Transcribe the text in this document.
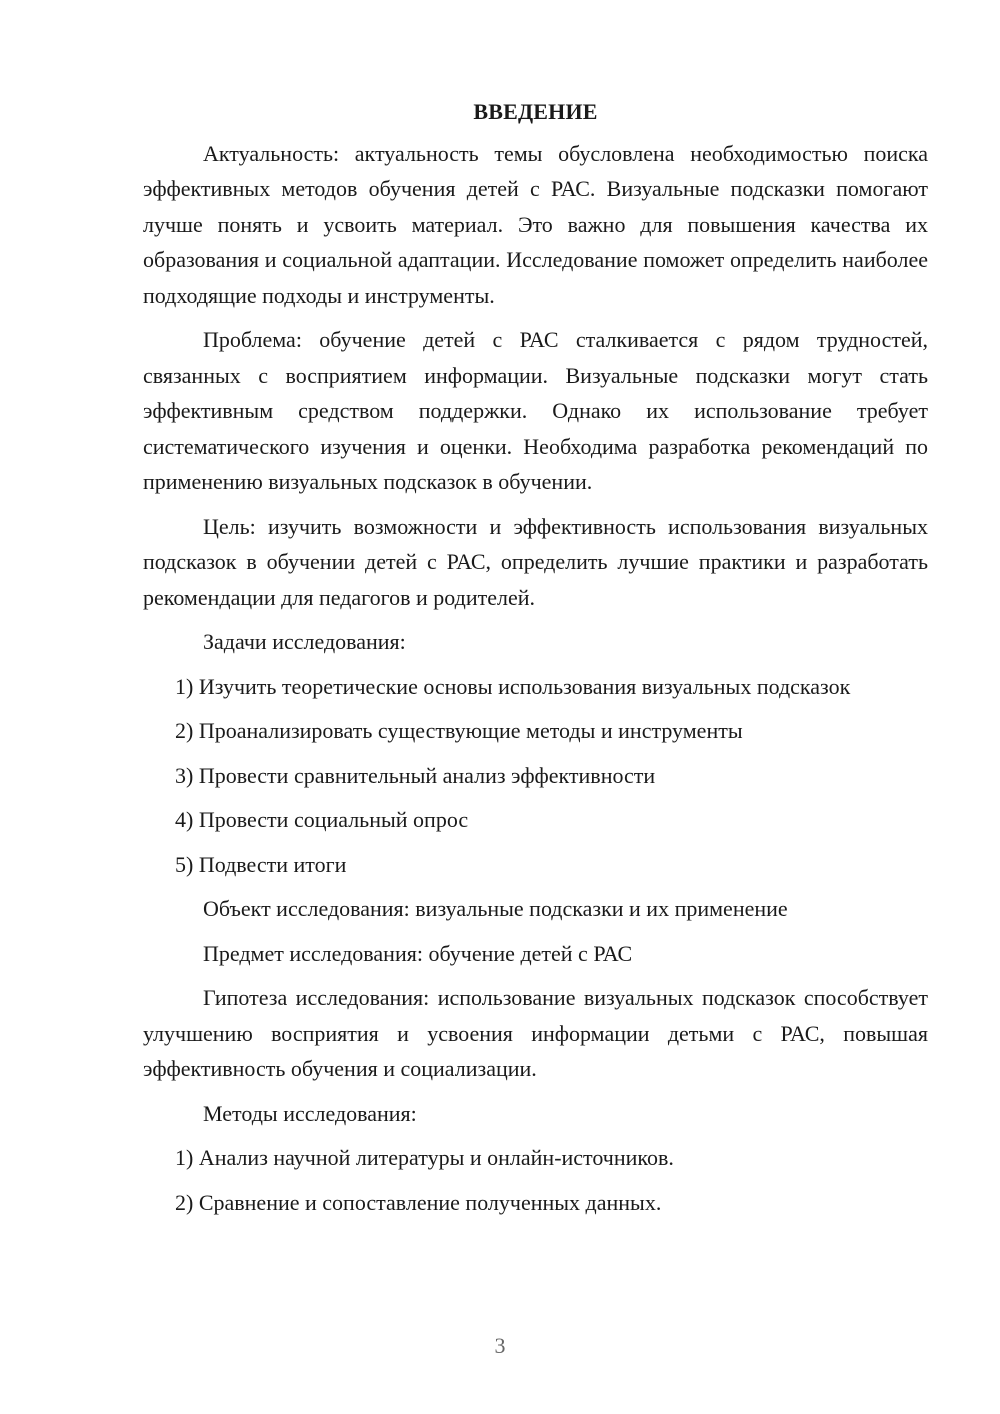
ВВЕДЕНИЕ

Актуальность: актуальность темы обусловлена необходимостью поиска эффективных методов обучения детей с РАС. Визуальные подсказки помогают лучше понять и усвоить материал. Это важно для повышения качества их образования и социальной адаптации. Исследование поможет определить наиболее подходящие подходы и инструменты.

Проблема: обучение детей с РАС сталкивается с рядом трудностей, связанных с восприятием информации. Визуальные подсказки могут стать эффективным средством поддержки. Однако их использование требует систематического изучения и оценки. Необходима разработка рекомендаций по применению визуальных подсказок в обучении.

Цель: изучить возможности и эффективность использования визуальных подсказок в обучении детей с РАС, определить лучшие практики и разработать рекомендации для педагогов и родителей.

Задачи исследования:

1) Изучить теоретические основы использования визуальных подсказок

2) Проанализировать существующие методы и инструменты

3) Провести сравнительный анализ эффективности

4) Провести социальный опрос

5) Подвести итоги

Объект исследования: визуальные подсказки и их применение

Предмет исследования: обучение детей с РАС

Гипотеза исследования: использование визуальных подсказок способствует улучшению восприятия и усвоения информации детьми с РАС, повышая эффективность обучения и социализации.

Методы исследования:

1) Анализ научной литературы и онлайн-источников.

2) Сравнение и сопоставление полученных данных.

3
